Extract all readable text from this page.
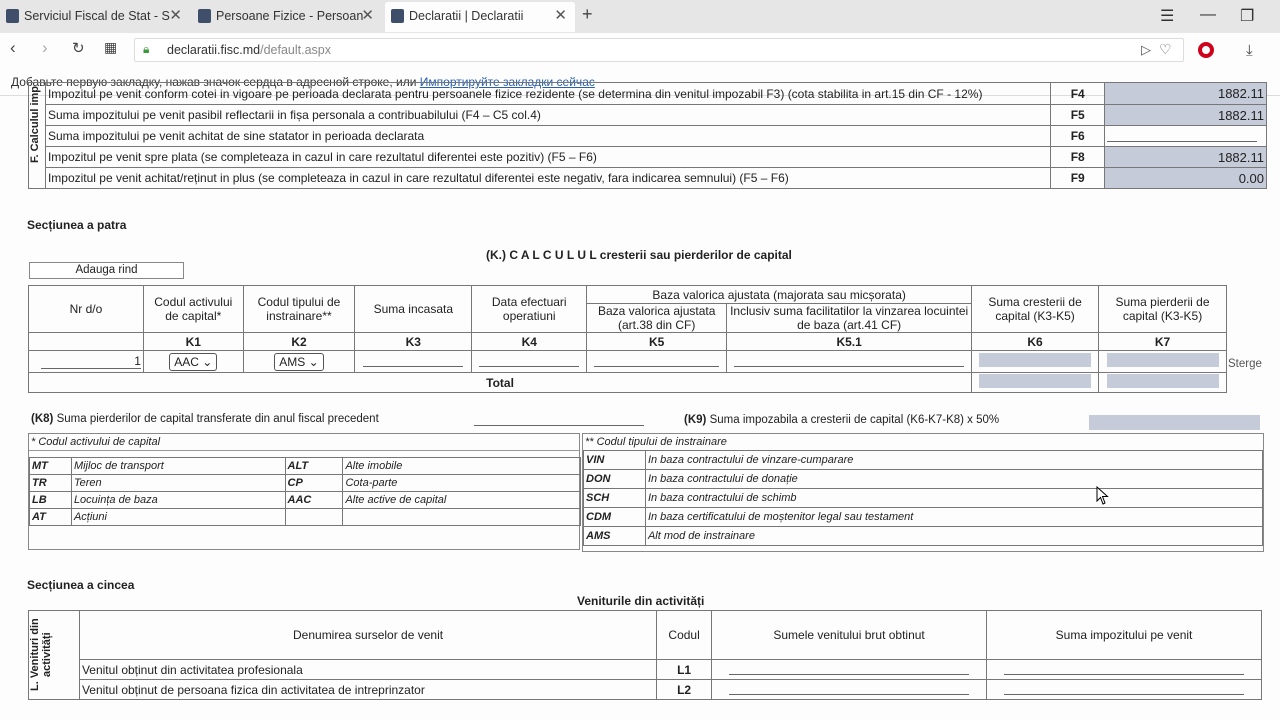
Serviciul Fiscal de Stat - S ✕	Persoane Fizice - Persoan
✕	Declaratii | Declaratii ✕ +	☰ — ❐
‹ › ↻ ▦ 🔒︎ declaratii.fisc.md/default.aspx	▷ ♡	⤓
Добавьте первую закладку, нажав значок сердца в адресной строке, или Импортируйте закладки сейчас
F. Calculul imp	Impozitul pe venit conform cotei in vigoare pe perioada declarata pentru persoanele fizice rezidente (se determina din venitul impozabil F3) (cota stabilita in art.15 din CF - 12%)	F4	1882.11
	Suma impozitului pe venit pasibil reflectarii in fișa personala a contribuabilului (F4 – C5 col.4)	F5	1882.11
	Suma impozitului pe venit achitat de sine statator in perioada declarata	F6	
	Impozitul pe venit spre plata (se completeaza in cazul in care rezultatul diferentei este pozitiv) (F5 – F6)	F8	1882.11
	Impozitul pe venit achitat/reținut in plus (se completeaza in cazul in care rezultatul diferentei este negativ, fara indicarea semnului) (F5 – F6)	F9	0.00
Secțiunea a patra
(K.) C A L C U L U L cresterii sau pierderilor de capital
Adauga rind
Nr d/o	Codul activului de capital*	Codul tipului de instrainare**	Suma incasata	Data efectuari operatiuni	Baza valorica ajustata (majorata sau micșorata)		Suma cresterii de capital (K3-K5)	Suma pierderii de capital (K3-K5)
					Baza valorica ajustata (art.38 din CF)	Inclusiv suma facilitatilor la vinzarea locuintei de baza (art.41 CF)		
	K1	K2	K3	K4	K5	K5.1	K6	K7
1	AAC ⌄	AMS ⌄						
Total								
Sterge
(K8) Suma pierderilor de capital transferate din anul fiscal precedent	(K9) Suma impozabila a cresterii de capital (K6-K7-K8) x 50%
* Codul activului de capital
MT	Mijloc de transport	ALT	Alte imobile
TR	Teren	CP	Cota-parte
LB	Locuința de baza	AAC	Alte active de capital
AT	Acțiuni		
** Codul tipului de instrainare
VIN	In baza contractului de vinzare-cumparare
DON	In baza contractului de donație
SCH	In baza contractului de schimb
CDM	In baza certificatului de moștenitor legal sau testament
AMS	Alt mod de instrainare
Secțiunea a cincea
Veniturile din activități
L. Venituri din activități	Denumirea surselor de venit	Codul	Sumele venitului brut obtinut	Suma impozitului pe venit
	Venitul obținut din activitatea profesionala	L1		
	Venitul obținut de persoana fizica din activitatea de intreprinzator	L2		
